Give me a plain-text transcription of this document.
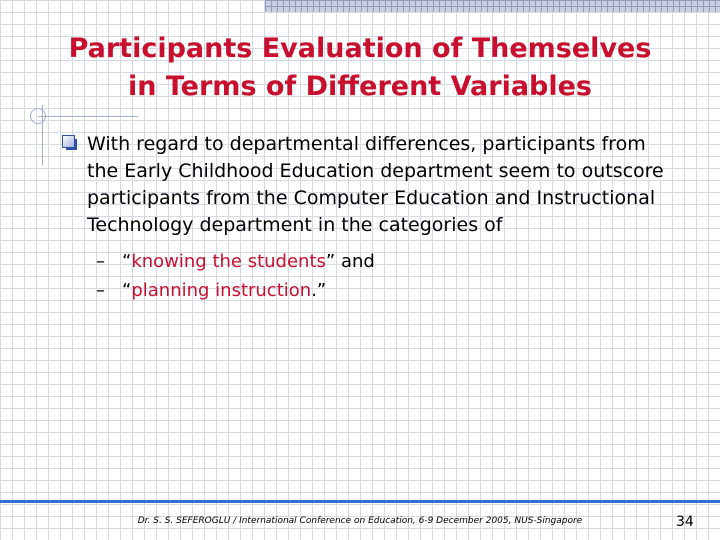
Participants Evaluation of Themselves
in Terms of Different Variables
With regard to departmental differences, participants from the Early Childhood Education department seem to outscore participants from the Computer Education and Instructional Technology department in the categories of
– “knowing the students” and
– “planning instruction.”
Dr. S. S. SEFEROGLU / International Conference on Education, 6-9 December 2005, NUS-Singapore	34
